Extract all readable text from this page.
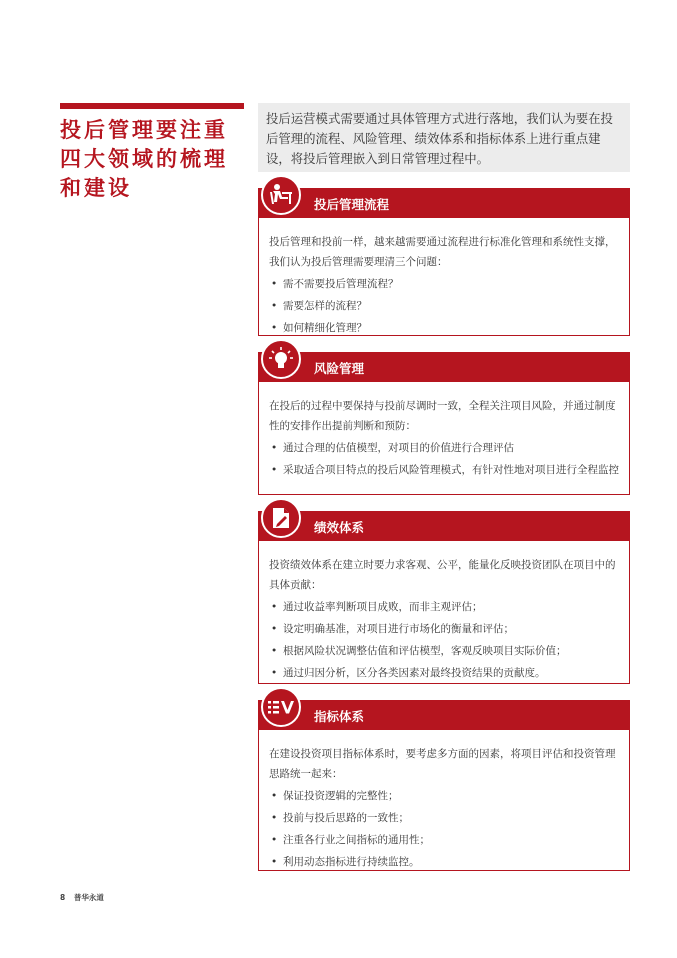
投后管理要注重
四大领域的梳理
和建设
投后运营模式需要通过具体管理方式进行落地，我们认为要在投后管理的流程、风险管理、绩效体系和指标体系上进行重点建设，将投后管理嵌入到日常管理过程中。
投后管理流程

投后管理和投前一样，越来越需要通过流程进行标准化管理和系统性支撑，我们认为投后管理需要理清三个问题：

• 需不需要投后管理流程？
• 需要怎样的流程？
• 如何精细化管理？
风险管理

在投后的过程中要保持与投前尽调时一致，全程关注项目风险，并通过制度性的安排作出提前判断和预防：

• 通过合理的估值模型，对项目的价值进行合理评估
• 采取适合项目特点的投后风险管理模式，有针对性地对项目进行全程监控
绩效体系

投资绩效体系在建立时要力求客观、公平，能量化反映投资团队在项目中的具体贡献：

• 通过收益率判断项目成败，而非主观评估；
• 设定明确基准，对项目进行市场化的衡量和评估；
• 根据风险状况调整估值和评估模型，客观反映项目实际价值；
• 通过归因分析，区分各类因素对最终投资结果的贡献度。
指标体系

在建设投资项目指标体系时，要考虑多方面的因素，将项目评估和投资管理思路统一起来：

• 保证投资逻辑的完整性；
• 投前与投后思路的一致性；
• 注重各行业之间指标的通用性；
• 利用动态指标进行持续监控。
8 普华永道
